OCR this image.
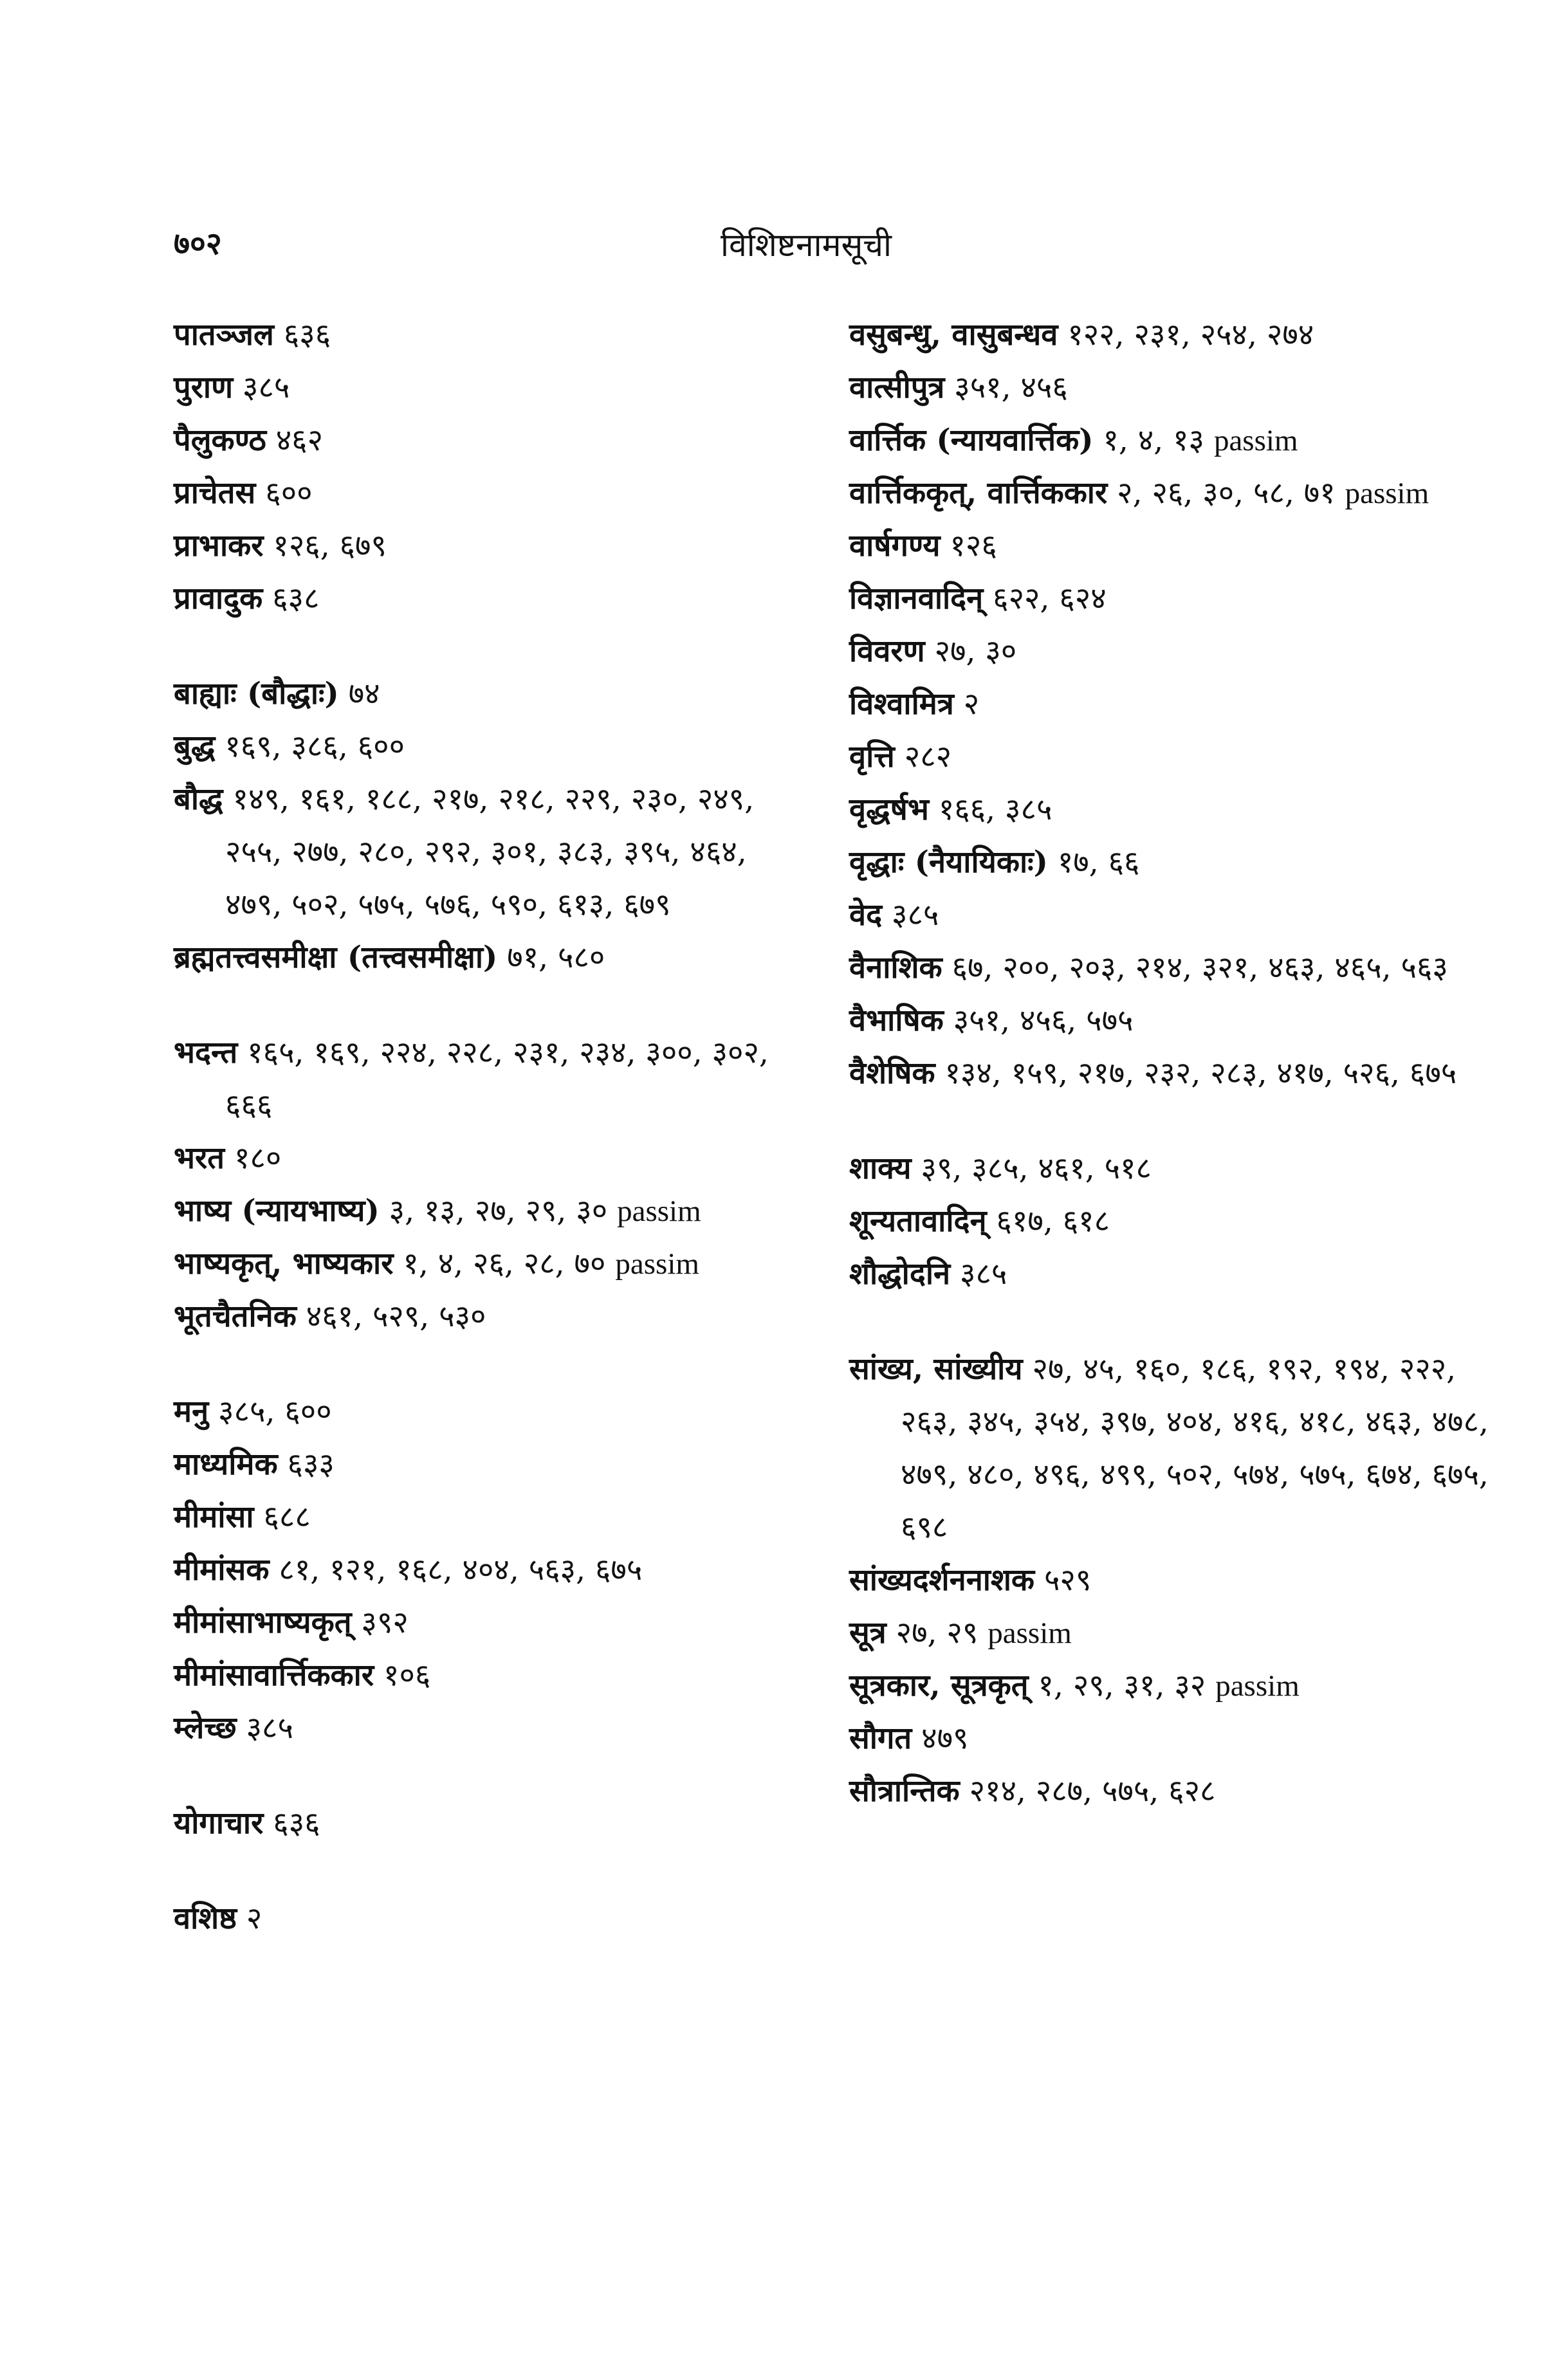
७०२	विशिष्टनामसूची

पातञ्जल ६३६

पुराण ३८५

पैलुकण्ठ ४६२

प्राचेतस ६००

प्राभाकर १२६, ६७९

प्रावादुक ६३८

बाह्याः (बौद्धाः) ७४

बुद्ध १६९, ३८६, ६००

बौद्ध १४९, १६१, १८८, २१७, २१८, २२९, २३०, २४९, २५५, २७७, २८०, २९२, ३०१, ३८३, ३९५, ४६४, ४७९, ५०२, ५७५, ५७६, ५९०, ६१३, ६७९

ब्रह्मतत्त्वसमीक्षा (तत्त्वसमीक्षा) ७१, ५८०

भदन्त १६५, १६९, २२४, २२८, २३१, २३४, ३००, ३०२, ६६६

भरत १८०

भाष्य (न्यायभाष्य) ३, १३, २७, २९, ३० passim

भाष्यकृत्, भाष्यकार १, ४, २६, २८, ७० passim

भूतचैतनिक ४६१, ५२९, ५३०

मनु ३८५, ६००

माध्यमिक ६३३

मीमांसा ६८८

मीमांसक ८१, १२१, १६८, ४०४, ५६३, ६७५

मीमांसाभाष्यकृत् ३९२

मीमांसावार्त्तिककार १०६

म्लेच्छ ३८५

योगाचार ६३६

वशिष्ठ २

वसुबन्धु, वासुबन्धव १२२, २३१, २५४, २७४

वात्सीपुत्र ३५१, ४५६

वार्त्तिक (न्यायवार्त्तिक) १, ४, १३ passim

वार्त्तिककृत्, वार्त्तिककार २, २६, ३०, ५८, ७१ passim

वार्षगण्य १२६

विज्ञानवादिन् ६२२, ६२४

विवरण २७, ३०

विश्वामित्र २

वृत्ति २८२

वृद्धर्षभ १६६, ३८५

वृद्धाः (नैयायिकाः) १७, ६६

वेद ३८५

वैनाशिक ६७, २००, २०३, २१४, ३२१, ४६३, ४६५, ५६३

वैभाषिक ३५१, ४५६, ५७५

वैशेषिक १३४, १५९, २१७, २३२, २८३, ४१७, ५२६, ६७५

शाक्य ३९, ३८५, ४६१, ५१८

शून्यतावादिन् ६१७, ६१८

शौद्धोदनि ३८५

सांख्य, सांख्यीय २७, ४५, १६०, १८६, १९२, १९४, २२२, २६३, ३४५, ३५४, ३९७, ४०४, ४१६, ४१८, ४६३, ४७८, ४७९, ४८०, ४९६, ४९९, ५०२, ५७४, ५७५, ६७४, ६७५, ६९८

सांख्यदर्शननाशक ५२९

सूत्र २७, २९ passim

सूत्रकार, सूत्रकृत् १, २९, ३१, ३२ passim

सौगत ४७९

सौत्रान्तिक २१४, २८७, ५७५, ६२८
